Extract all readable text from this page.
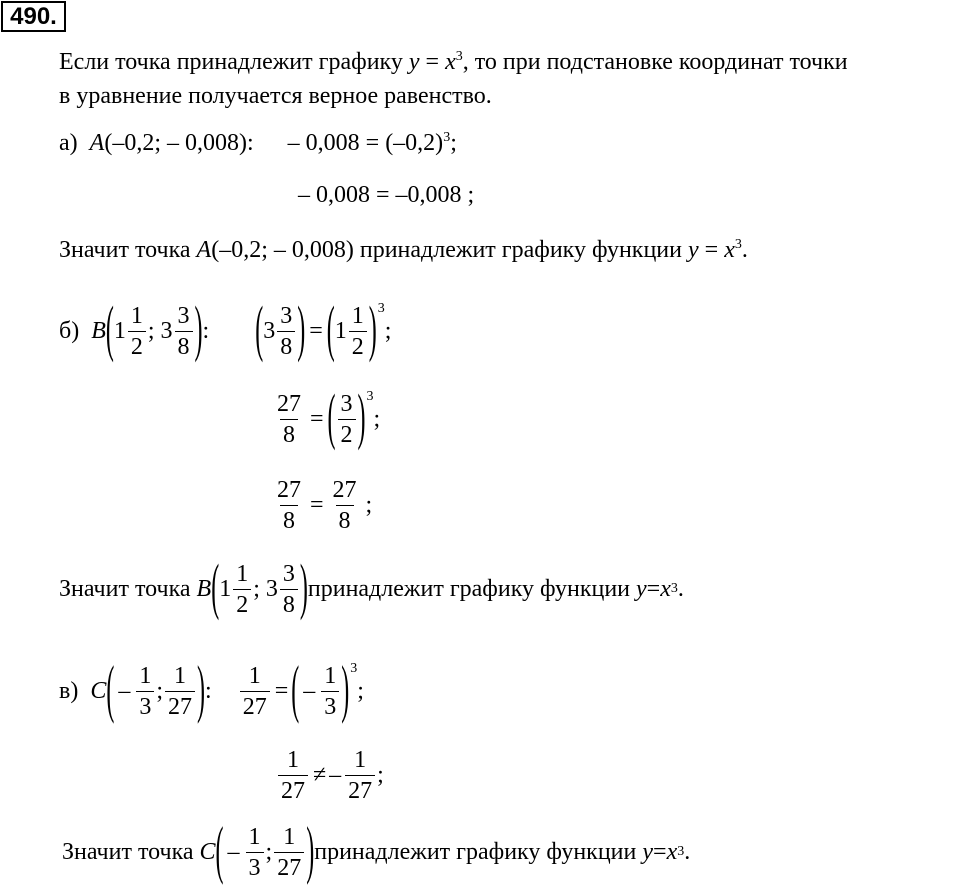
490.
Если точка принадлежит графику $y = x^3$, то при подстановке координат точки
в уравнение получается верное равенство.
а) A(–0,2; – 0,008): – $0,008 = (-0,2)^3$;
– 0,008 = –0,008 ;
Значит точка A(–0,2; – 0,008) принадлежит графику функции $y = x^3$.
б)
B ( $1 \frac{1}{2}$ ;
$3 \frac{3}{8}$ ) : ( $3 \frac{3}{8}$ ) = ( $1 \frac{1}{2}$ ) 3
;
$\frac{27}{8}$ = ( $\frac{3}{2}$ ) 3
;
$\frac{27}{8} = \frac{27}{8}$ ;
Значит точка
B ( $1 \frac{1}{2}$ ;
$3 \frac{3}{8}$ ) принадлежит графику функции
y = x 3 .
в)
C ( – $\frac{1}{3}$ ; $\frac{1}{27}$ ) : $\frac{1}{27}$ = ( – $\frac{1}{3}$ ) 3
;
$\frac{1}{27}$ ≠ – $\frac{1}{27}$ ;
Значит точка
C ( – $\frac{1}{3}$ ; $\frac{1}{27}$ ) принадлежит графику функции
y = x 3 .
